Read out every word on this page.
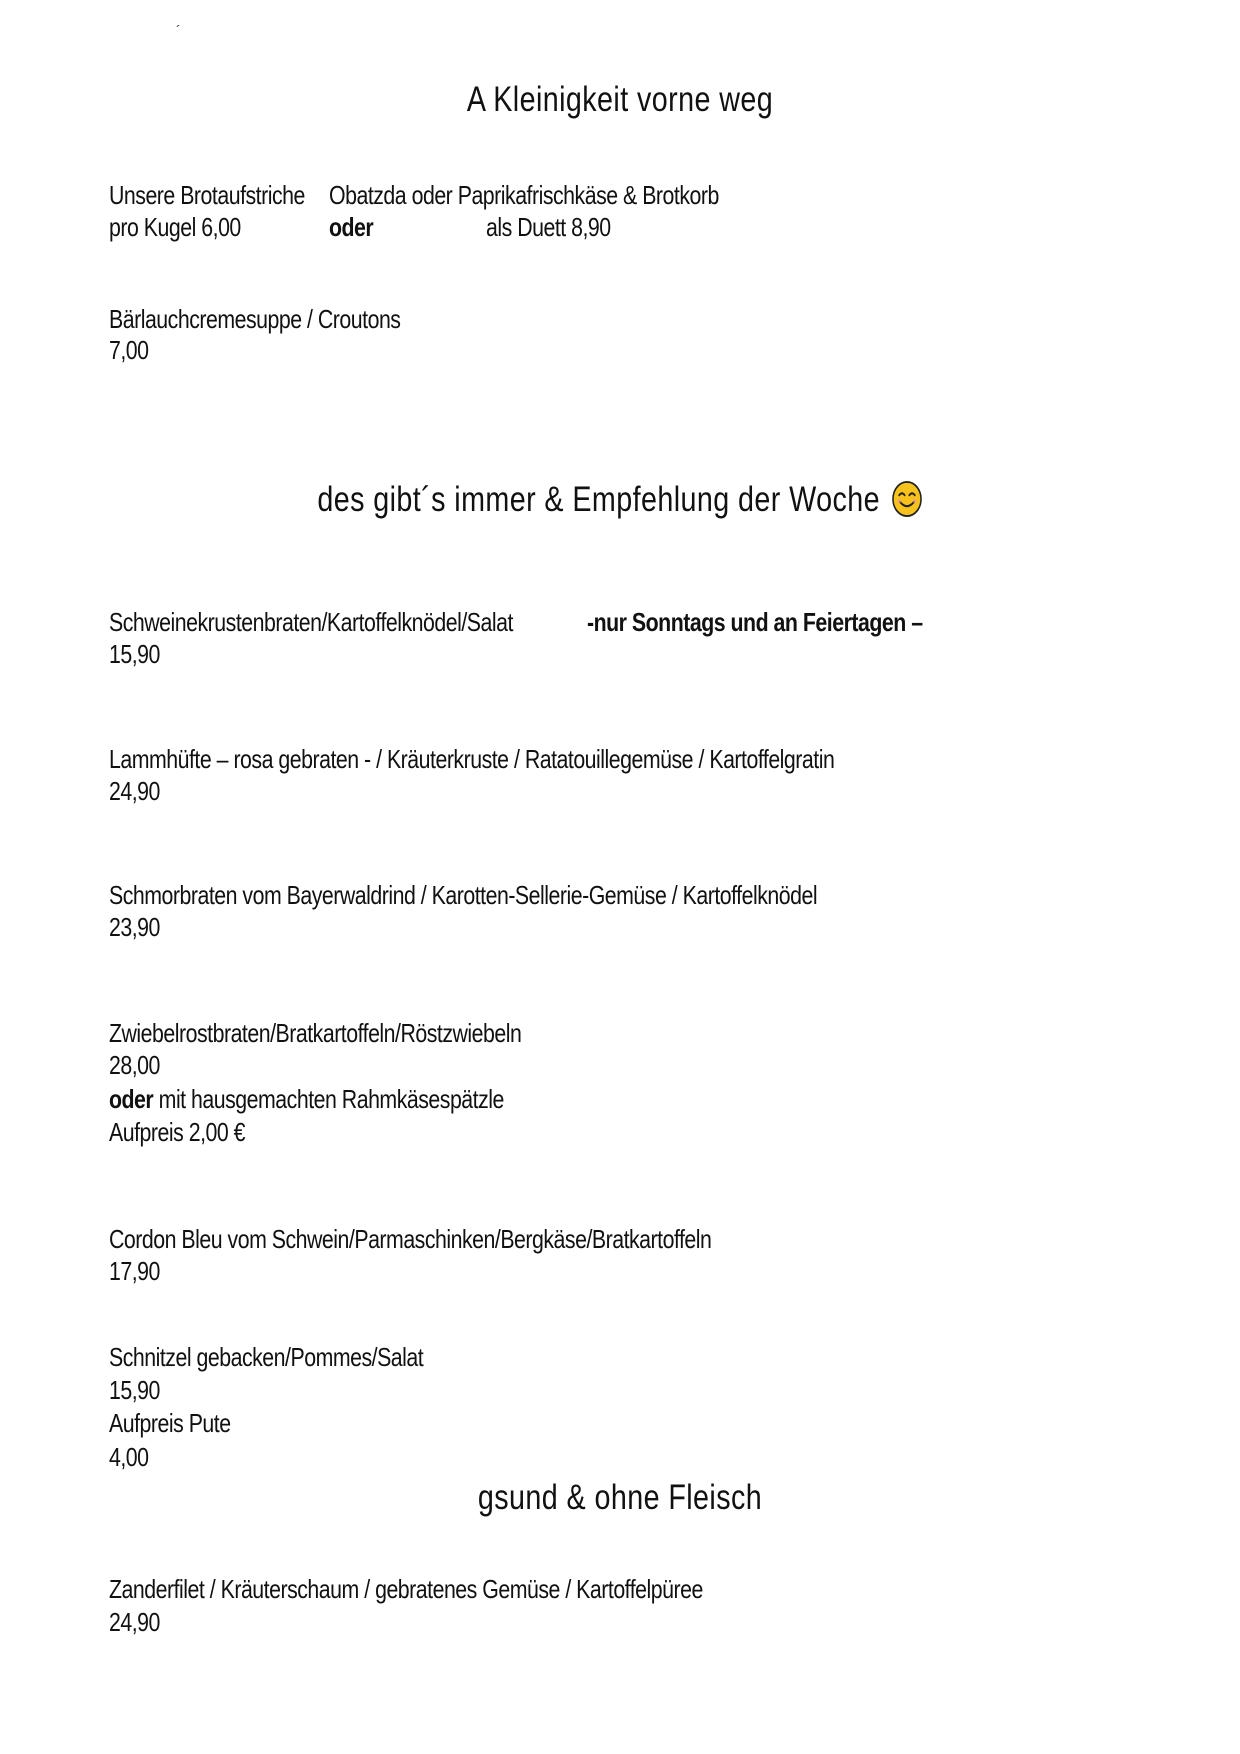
´
A Kleinigkeit vorne weg
Unsere Brotaufstriche Obatzda oder Paprikafrischkäse & Brotkorb
pro Kugel 6,00	oder	als Duett 8,90
Bärlauchcremesuppe / Croutons
7,00
des gibt´s immer & Empfehlung der Woche
Schweinekrustenbraten/Kartoffelknödel/Salat	-nur Sonntags und an Feiertagen –
15,90
Lammhüfte – rosa gebraten - / Kräuterkruste / Ratatouillegemüse / Kartoffelgratin
24,90
Schmorbraten vom Bayerwaldrind / Karotten-Sellerie-Gemüse / Kartoffelknödel
23,90
Zwiebelrostbraten/Bratkartoffeln/Röstzwiebeln
28,00
oder mit hausgemachten Rahmkäsespätzle
Aufpreis 2,00 €
Cordon Bleu vom Schwein/Parmaschinken/Bergkäse/Bratkartoffeln
17,90
Schnitzel gebacken/Pommes/Salat
15,90
Aufpreis Pute
4,00
gsund & ohne Fleisch
Zanderfilet / Kräuterschaum / gebratenes Gemüse / Kartoffelpüree
24,90
